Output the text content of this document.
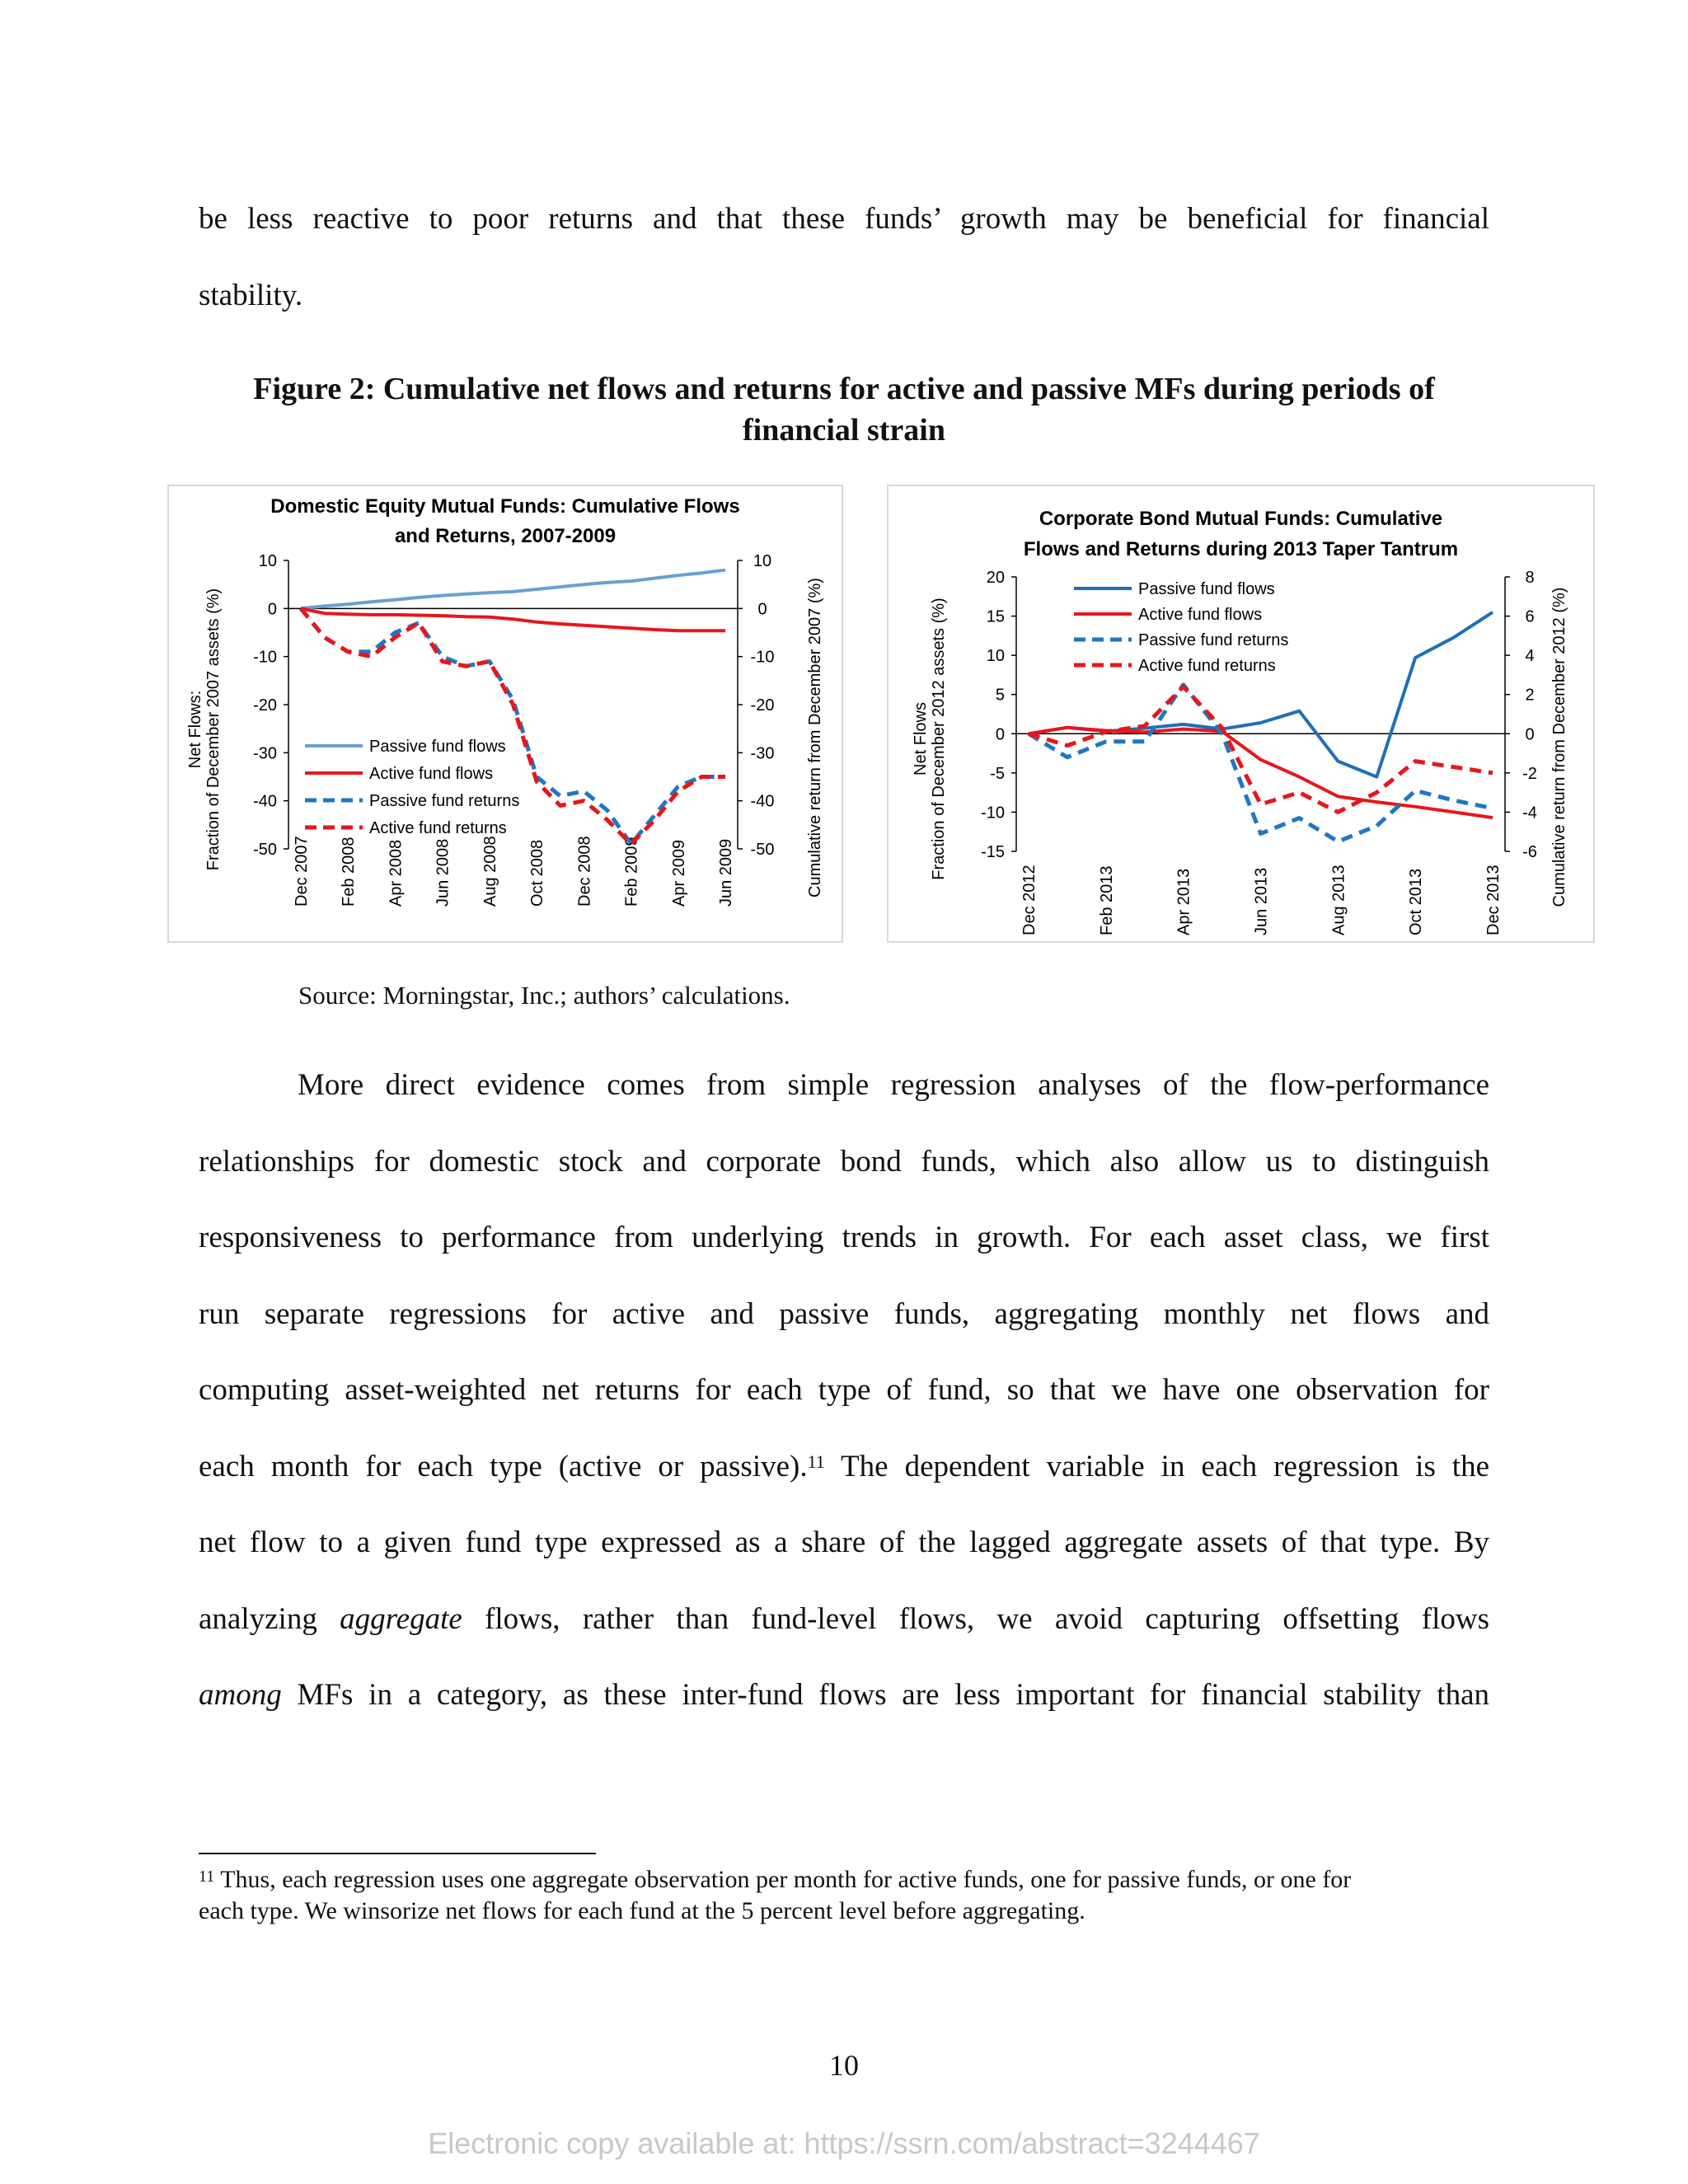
be less reactive to poor returns and that these funds’ growth may be beneficial for financial
stability.
Figure 2: Cumulative net flows and returns for active and passive MFs during periods of
financial strain
Domestic Equity Mutual Funds: Cumulative Flows
and Returns, 2007-2009
10
0
-10
-20
-30
-40
-50
10
0
-10
-20
-30
-40
-50
Dec 2007 Feb 2008 Apr 2008 Jun 2008 Aug 2008 Oct 2008 Dec 2008 Feb 2009 Apr 2009 Jun 2009
Net Flows: Fraction of December 2007 assets (%)	Cumulative return from December 2007 (%)
Passive fund flows
Active fund flows
Passive fund returns
Active fund returns
Corporate Bond Mutual Funds: Cumulative
Flows and Returns during 2013 Taper Tantrum
20
15
10
5
0
-5
-10
-15
8
6
4
2
0
-2
-4
-6
Dec 2012	Feb 2013	Apr 2013	Jun 2013	Aug 2013	Oct 2013	Dec 2013
Net Flows Fraction of December 2012 assets (%)	Cumulative return from December 2012 (%)
Passive fund flows
Active fund flows
Passive fund returns
Active fund returns
Source: Morningstar, Inc.; authors’ calculations.
More direct evidence comes from simple regression analyses of the flow-performance
relationships for domestic stock and corporate bond funds, which also allow us to distinguish
responsiveness to performance from underlying trends in growth. For each asset class, we first
run separate regressions for active and passive funds, aggregating monthly net flows and
computing asset-weighted net returns for each type of fund, so that we have one observation for
each month for each type (active or passive).$^{11}$ The dependent variable in each regression is the
net flow to a given fund type expressed as a share of the lagged aggregate assets of that type. By
analyzing aggregate flows, rather than fund-level flows, we avoid capturing offsetting flows
among MFs in a category, as these inter-fund flows are less important for financial stability than
$^{11}$ Thus, each regression uses one aggregate observation per month for active funds, one for passive funds, or one for
each type. We winsorize net flows for each fund at the 5 percent level before aggregating.
10
Electronic copy available at: https://ssrn.com/abstract=3244467
